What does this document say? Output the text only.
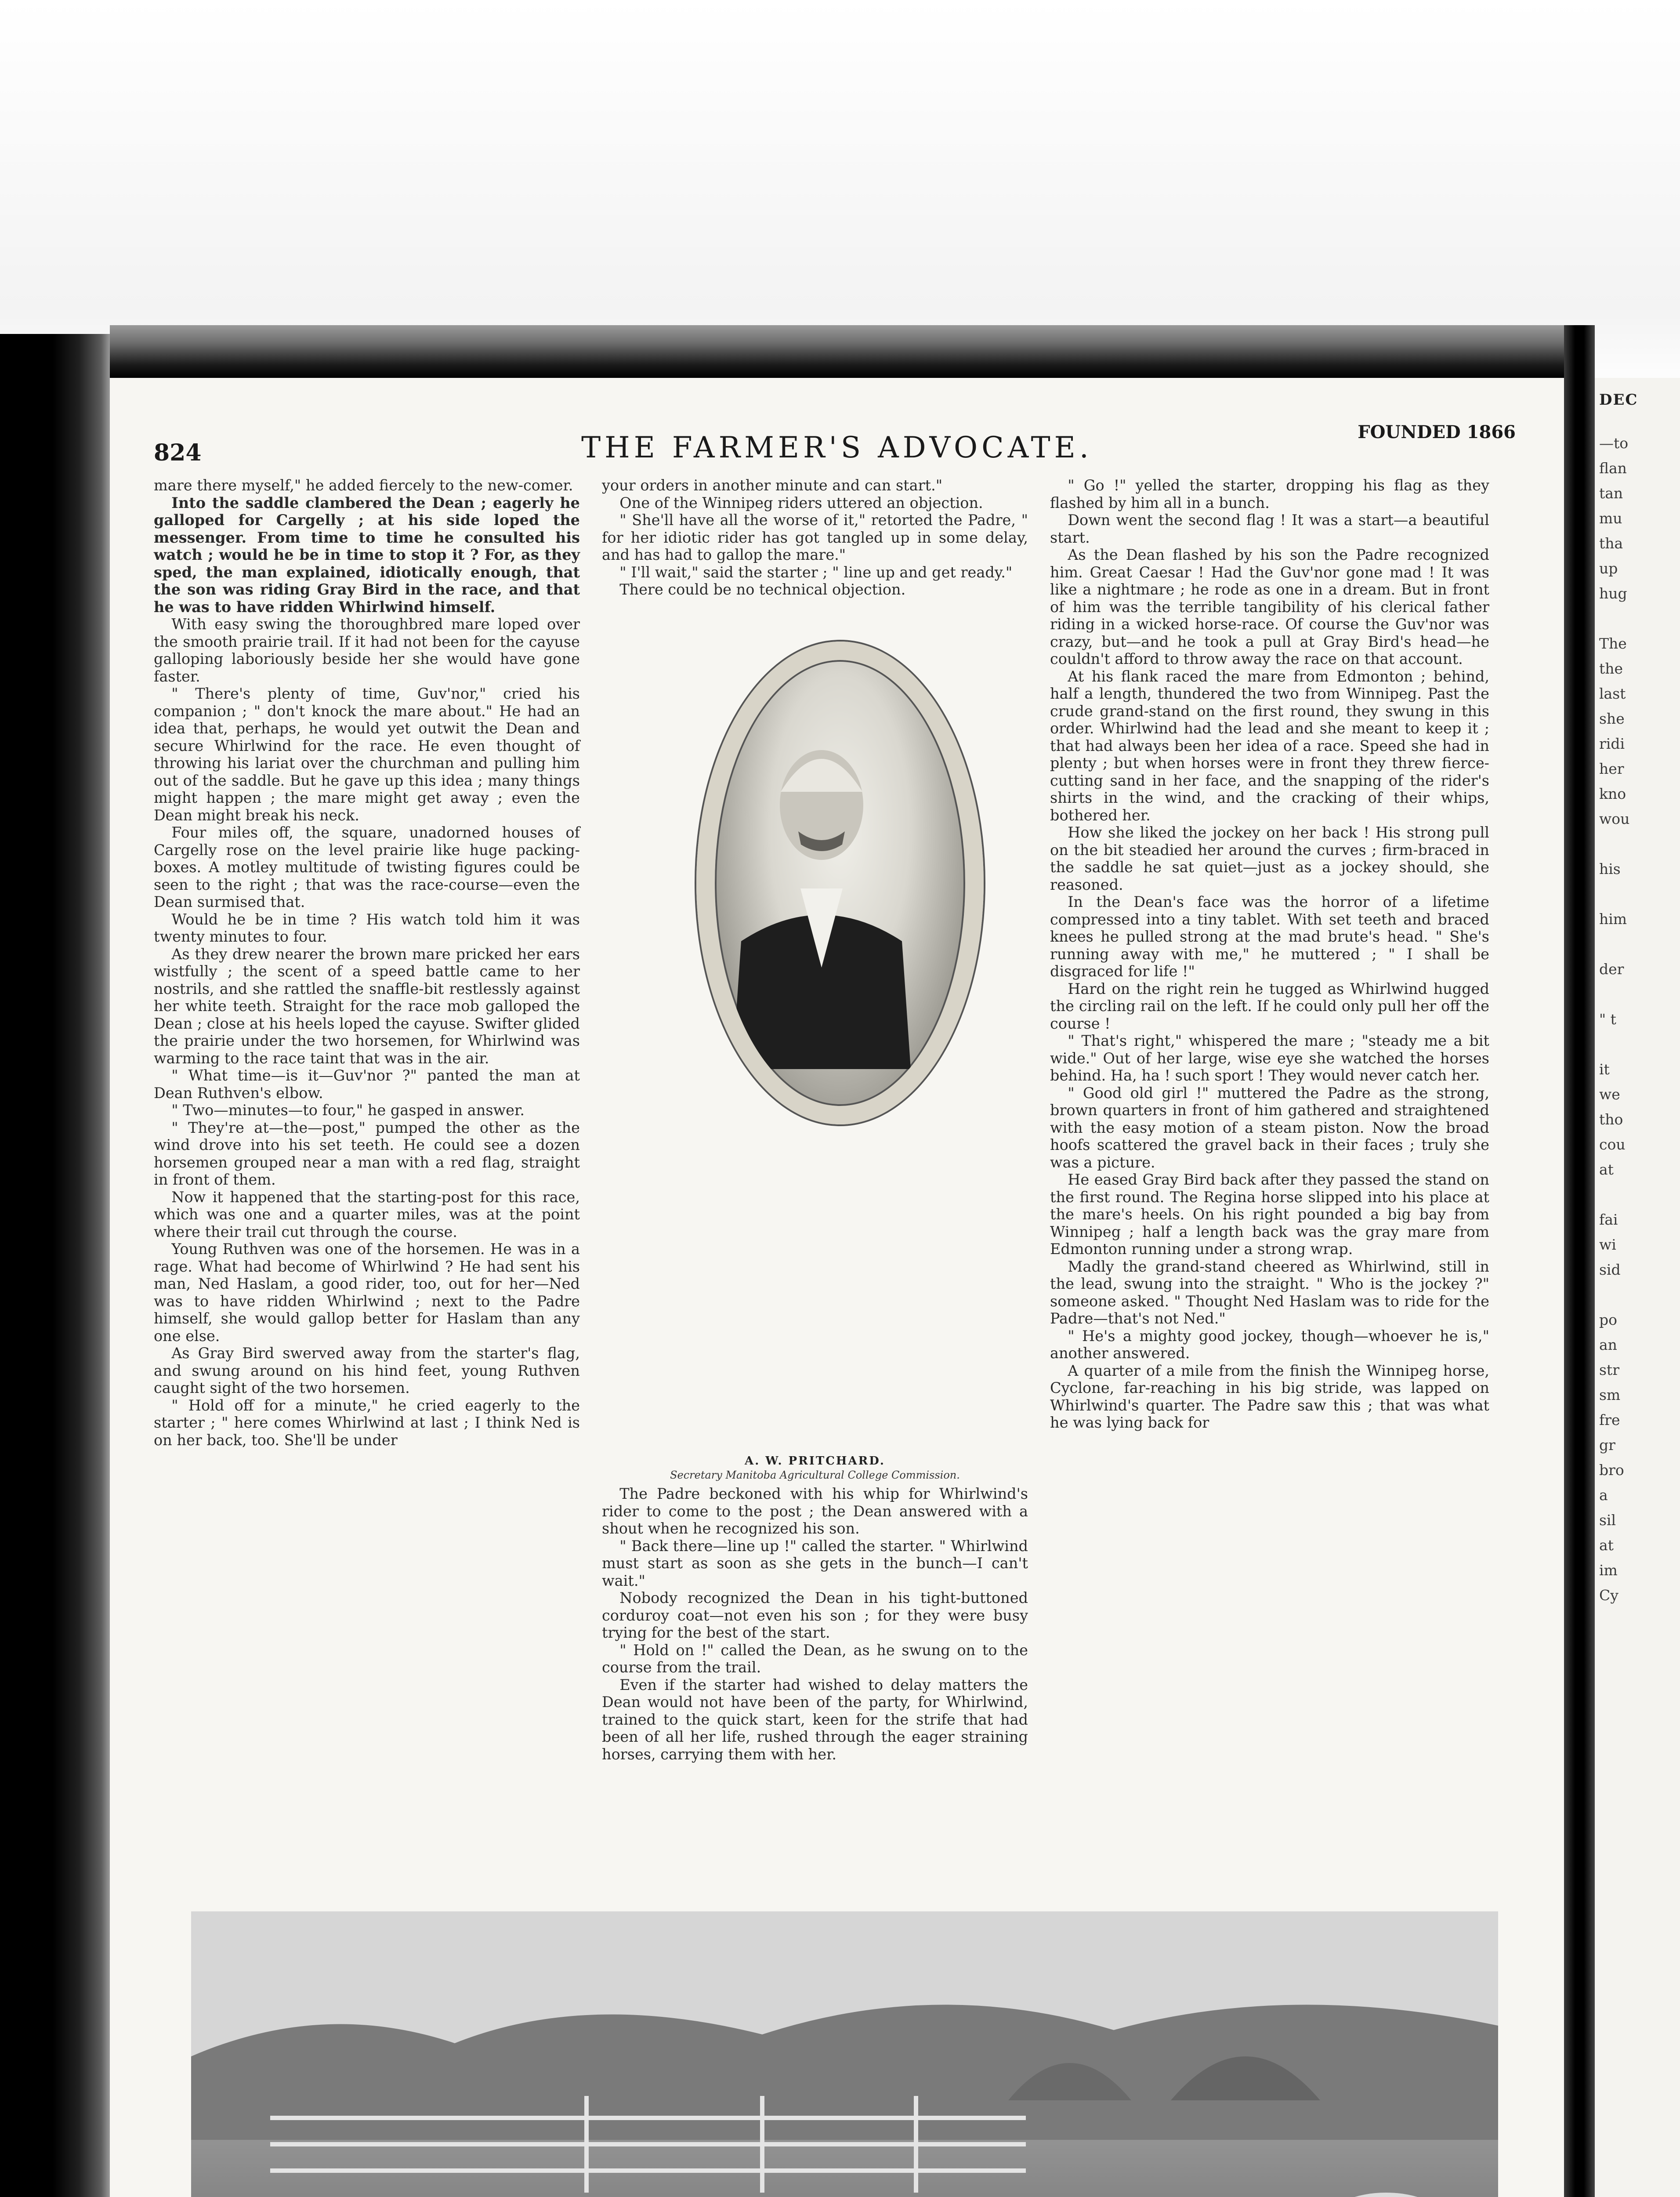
824	THE FARMER'S ADVOCATE.	FOUNDED 1866

mare there myself," he added fiercely to the new-comer.

Into the saddle clambered the Dean ; eagerly he galloped for Cargelly ; at his side loped the messenger. From time to time he consulted his watch ; would he be in time to stop it ? For, as they sped, the man explained, idiotically enough, that the son was riding Gray Bird in the race, and that he was to have ridden Whirlwind himself.

With easy swing the thoroughbred mare loped over the smooth prairie trail. If it had not been for the cayuse galloping laboriously beside her she would have gone faster.

" There's plenty of time, Guv'nor," cried his companion ; " don't knock the mare about." He had an idea that, perhaps, he would yet outwit the Dean and secure Whirlwind for the race. He even thought of throwing his lariat over the churchman and pulling him out of the saddle. But he gave up this idea ; many things might happen ; the mare might get away ; even the Dean might break his neck.

Four miles off, the square, unadorned houses of Cargelly rose on the level prairie like huge packing-boxes. A motley multitude of twisting figures could be seen to the right ; that was the race-course—even the Dean surmised that.

Would he be in time ? His watch told him it was twenty minutes to four.

As they drew nearer the brown mare pricked her ears wistfully ; the scent of a speed battle came to her nostrils, and she rattled the snaffle-bit restlessly against her white teeth. Straight for the race mob galloped the Dean ; close at his heels loped the cayuse. Swifter glided the prairie under the two horsemen, for Whirlwind was warming to the race taint that was in the air.

" What time—is it—Guv'nor ?" panted the man at Dean Ruthven's elbow.

" Two—minutes—to four," he gasped in answer.

" They're at—the—post," pumped the other as the wind drove into his set teeth. He could see a dozen horsemen grouped near a man with a red flag, straight in front of them.

Now it happened that the starting-post for this race, which was one and a quarter miles, was at the point where their trail cut through the course.

Young Ruthven was one of the horsemen. He was in a rage. What had become of Whirlwind ? He had sent his man, Ned Haslam, a good rider, too, out for her—Ned was to have ridden Whirlwind ; next to the Padre himself, she would gallop better for Haslam than any one else.

As Gray Bird swerved away from the starter's flag, and swung around on his hind feet, young Ruthven caught sight of the two horsemen.

" Hold off for a minute," he cried eagerly to the starter ; " here comes Whirlwind at last ; I think Ned is on her back, too. She'll be under

your orders in another minute and can start."

One of the Winnipeg riders uttered an objection.

" She'll have all the worse of it," retorted the Padre, " for her idiotic rider has got tangled up in some delay, and has had to gallop the mare."

" I'll wait," said the starter ; " line up and get ready."

There could be no technical objection.

A. W. PRITCHARD.
Secretary Manitoba Agricultural College Commission.

The Padre beckoned with his whip for Whirlwind's rider to come to the post ; the Dean answered with a shout when he recognized his son.

" Back there—line up !" called the starter. " Whirlwind must start as soon as she gets in the bunch—I can't wait."

Nobody recognized the Dean in his tight-buttoned corduroy coat—not even his son ; for they were busy trying for the best of the start.

" Hold on !" called the Dean, as he swung on to the course from the trail.

Even if the starter had wished to delay matters the Dean would not have been of the party, for Whirlwind, trained to the quick start, keen for the strife that had been of all her life, rushed through the eager straining horses, carrying them with her.

" Go !" yelled the starter, dropping his flag as they flashed by him all in a bunch.

Down went the second flag ! It was a start—a beautiful start.

As the Dean flashed by his son the Padre recognized him. Great Caesar ! Had the Guv'nor gone mad ! It was like a nightmare ; he rode as one in a dream. But in front of him was the terrible tangibility of his clerical father riding in a wicked horse-race. Of course the Guv'nor was crazy, but—and he took a pull at Gray Bird's head—he couldn't afford to throw away the race on that account.

At his flank raced the mare from Edmonton ; behind, half a length, thundered the two from Winnipeg. Past the crude grand-stand on the first round, they swung in this order. Whirlwind had the lead and she meant to keep it ; that had always been her idea of a race. Speed she had in plenty ; but when horses were in front they threw fierce-cutting sand in her face, and the snapping of the rider's shirts in the wind, and the cracking of their whips, bothered her.

How she liked the jockey on her back ! His strong pull on the bit steadied her around the curves ; firm-braced in the saddle he sat quiet—just as a jockey should, she reasoned.

In the Dean's face was the horror of a lifetime compressed into a tiny tablet. With set teeth and braced knees he pulled strong at the mad brute's head. " She's running away with me," he muttered ; " I shall be disgraced for life !"

Hard on the right rein he tugged as Whirlwind hugged the circling rail on the left. If he could only pull her off the course !

" That's right," whispered the mare ; "steady me a bit wide." Out of her large, wise eye she watched the horses behind. Ha, ha ! such sport ! They would never catch her.

" Good old girl !" muttered the Padre as the strong, brown quarters in front of him gathered and straightened with the easy motion of a steam piston. Now the broad hoofs scattered the gravel back in their faces ; truly she was a picture.

He eased Gray Bird back after they passed the stand on the first round. The Regina horse slipped into his place at the mare's heels. On his right pounded a big bay from Winnipeg ; half a length back was the gray mare from Edmonton running under a strong wrap.

Madly the grand-stand cheered as Whirlwind, still in the lead, swung into the straight. " Who is the jockey ?" someone asked. " Thought Ned Haslam was to ride for the Padre—that's not Ned."

" He's a mighty good jockey, though—whoever he is," another answered.

A quarter of a mile from the finish the Winnipeg horse, Cyclone, far-reaching in his big stride, was lapped on Whirlwind's quarter. The Padre saw this ; that was what he was lying back for

DEC
—to
flan
tan
mu
tha
up
hug

The
the
last
she
ridi
her
kno
wou

his

him

der

" t

it
we
tho
cou
at

fai
wi
sid

po
an
str
sm
fre
gr
bro
a
sil
at
im
Cy
